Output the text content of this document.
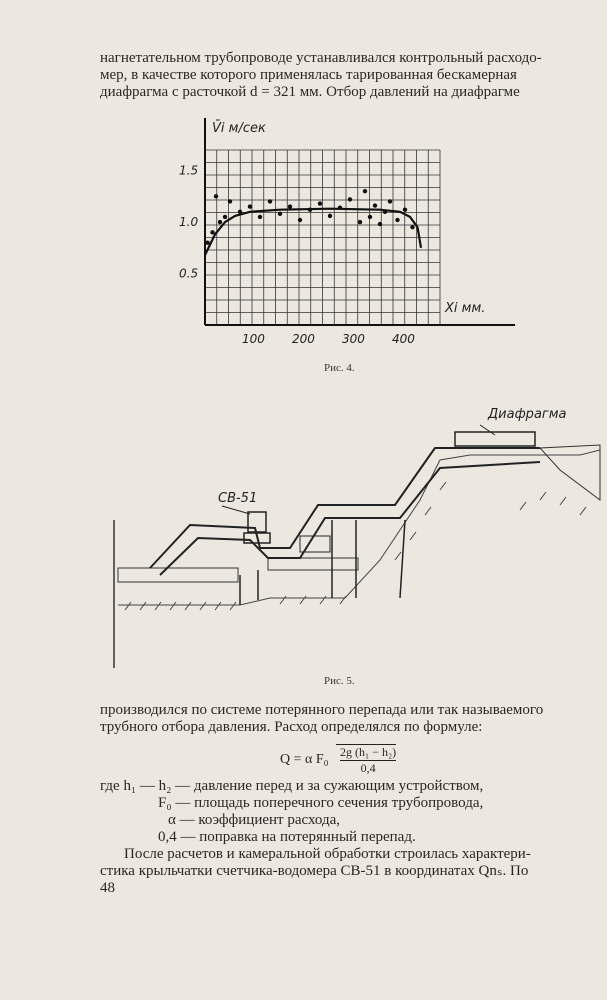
нагнетательном трубопроводе устанавливался контрольный расходо-
мер, в качестве которого применялась тарированная бескамерная
диафрагма с расточкой d = 321 мм. Отбор давлений на диафрагме
0.5
1.0
1.5
100 200 300 400
V̄i м/сек
Xi мм.
Рис. 4.
СВ-51
Диафрагма
Рис. 5.
производился по системе потерянного перепада или так называемого
трубного отбора давления. Расход определялся по формуле:
Q = α $F_0 \frac{\text{2g (h₁ − h₂)}}{0,4}$
где h₁ — h₂ — давление перед и за сужающим устройством,
F₀ — площадь поперечного сечения трубопровода,
α — коэффициент расхода,
0,4 — поправка на потерянный перепад.
После расчетов и камеральной обработки строилась характери-
стика крыльчатки счетчика-водомера СВ-51 в координатах Qnₛ. По
48
